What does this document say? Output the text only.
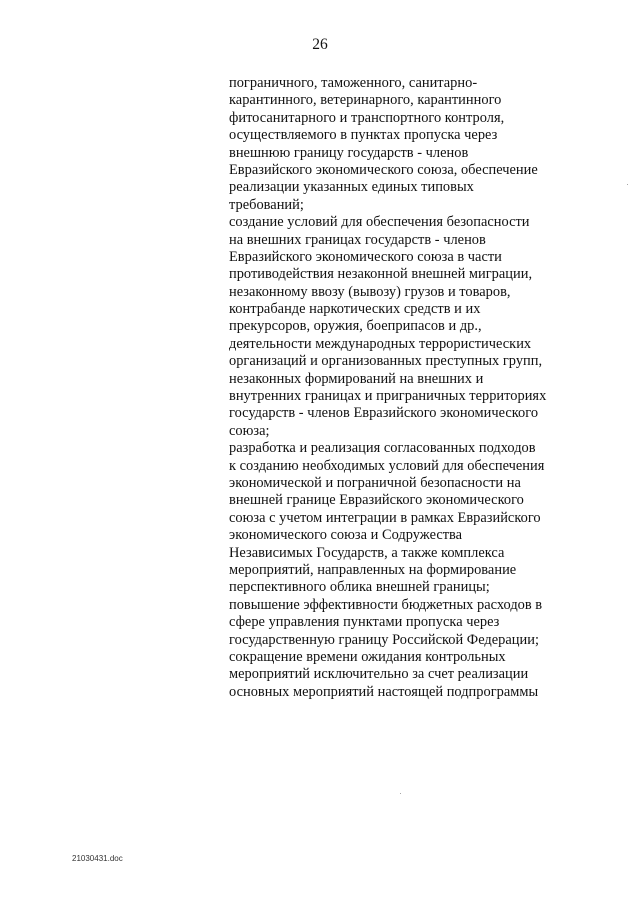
26

пограничного, таможенного, санитарно-
карантинного, ветеринарного, карантинного
фитосанитарного и транспортного контроля,
осуществляемого в пунктах пропуска через
внешнюю границу государств - членов
Евразийского экономического союза, обеспечение
реализации указанных единых типовых
требований;
создание условий для обеспечения безопасности
на внешних границах государств - членов
Евразийского экономического союза в части
противодействия незаконной внешней миграции,
незаконному ввозу (вывозу) грузов и товаров,
контрабанде наркотических средств и их
прекурсоров, оружия, боеприпасов и др.,
деятельности международных террористических
организаций и организованных преступных групп,
незаконных формирований на внешних и
внутренних границах и приграничных территориях
государств - членов Евразийского экономического
союза;
разработка и реализация согласованных подходов
к созданию необходимых условий для обеспечения
экономической и пограничной безопасности на
внешней границе Евразийского экономического
союза с учетом интеграции в рамках Евразийского
экономического союза и Содружества
Независимых Государств, а также комплекса
мероприятий, направленных на формирование
перспективного облика внешней границы;
повышение эффективности бюджетных расходов в
сфере управления пунктами пропуска через
государственную границу Российской Федерации;
сокращение времени ожидания контрольных
мероприятий исключительно за счет реализации
основных мероприятий настоящей подпрограммы

21030431.doc
